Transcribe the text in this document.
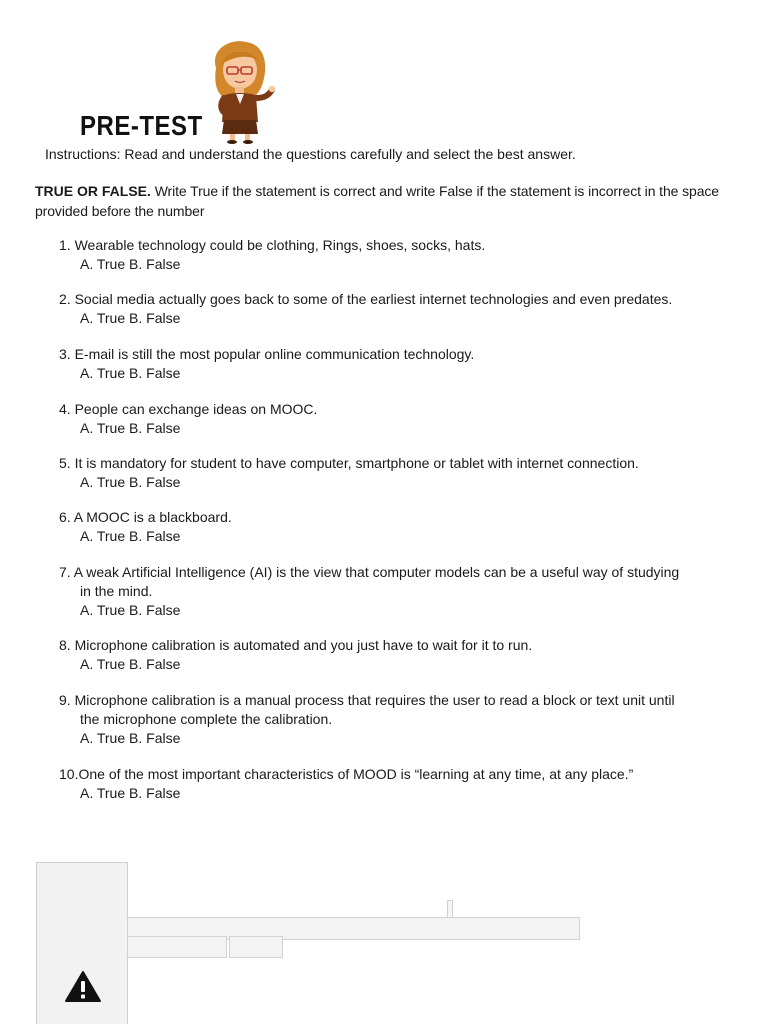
PRE-TEST
Instructions: Read and understand the questions carefully and select the best answer.
TRUE OR FALSE. Write True if the statement is correct and write False if the statement is incorrect in the space provided before the number
1. Wearable technology could be clothing, Rings, shoes, socks, hats.
A. True B. False
2. Social media actually goes back to some of the earliest internet technologies and even predates.
A. True B. False
3. E-mail is still the most popular online communication technology.
A. True B. False
4. People can exchange ideas on MOOC.
A. True B. False
5. It is mandatory for student to have computer, smartphone or tablet with internet connection.
A. True B. False
6. A MOOC is a blackboard.
A. True B. False
7. A weak Artificial Intelligence (AI) is the view that computer models can be a useful way of studying
in the mind.
A. True B. False
8. Microphone calibration is automated and you just have to wait for it to run.
A. True B. False
9. Microphone calibration is a manual process that requires the user to read a block or text unit until
the microphone complete the calibration.
A. True B. False
10.One of the most important characteristics of MOOD is “learning at any time, at any place.”
A. True B. False
